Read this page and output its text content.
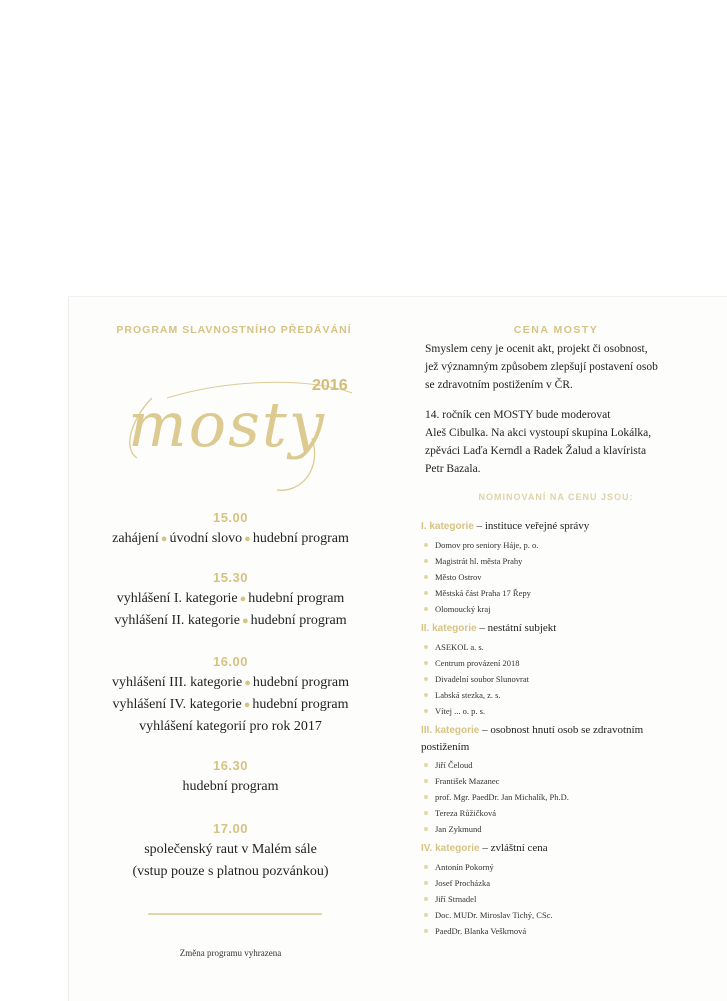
PROGRAM SLAVNOSTNÍHO PŘEDÁVÁNÍ
mosty
2016
15.00
zahájení ● úvodní slovo ● hudební program
15.30
vyhlášení I. kategorie ● hudební program
vyhlášení II. kategorie ● hudební program
16.00
vyhlášení III. kategorie ● hudební program
vyhlášení IV. kategorie ● hudební program
vyhlášení kategorií pro rok 2017
16.30
hudební program
17.00
společenský raut v Malém sále
(vstup pouze s platnou pozvánkou)
Změna programu vyhrazena
CENA MOSTY
Smyslem ceny je ocenit akt, projekt či osobnost,
jež významným způsobem zlepšují postavení osob
se zdravotním postižením v ČR.
14. ročník cen MOSTY bude moderovat
Aleš Cibulka. Na akci vystoupí skupina Lokálka,
zpěváci Laďa Kerndl a Radek Žalud a klavírista
Petr Bazala.
NOMINOVANÍ NA CENU JSOU:
I. kategorie – instituce veřejné správy
Domov pro seniory Háje, p. o.
Magistrát hl. města Prahy
Město Ostrov
Městská část Praha 17 Řepy
Olomoucký kraj
II. kategorie – nestátní subjekt
ASEKOL a. s.
Centrum provázení 2018
Divadelní soubor Slunovrat
Labská stezka, z. s.
Vítej ... o. p. s.
III. kategorie – osobnost hnutí osob se zdravotním
postižením
Jiří Čeloud
František Mazanec
prof. Mgr. PaedDr. Jan Michalík, Ph.D.
Tereza Růžičková
Jan Zykmund
IV. kategorie – zvláštní cena
Antonín Pokorný
Josef Procházka
Jiří Strnadel
Doc. MUDr. Miroslav Tichý, CSc.
PaedDr. Blanka Veškrnová
